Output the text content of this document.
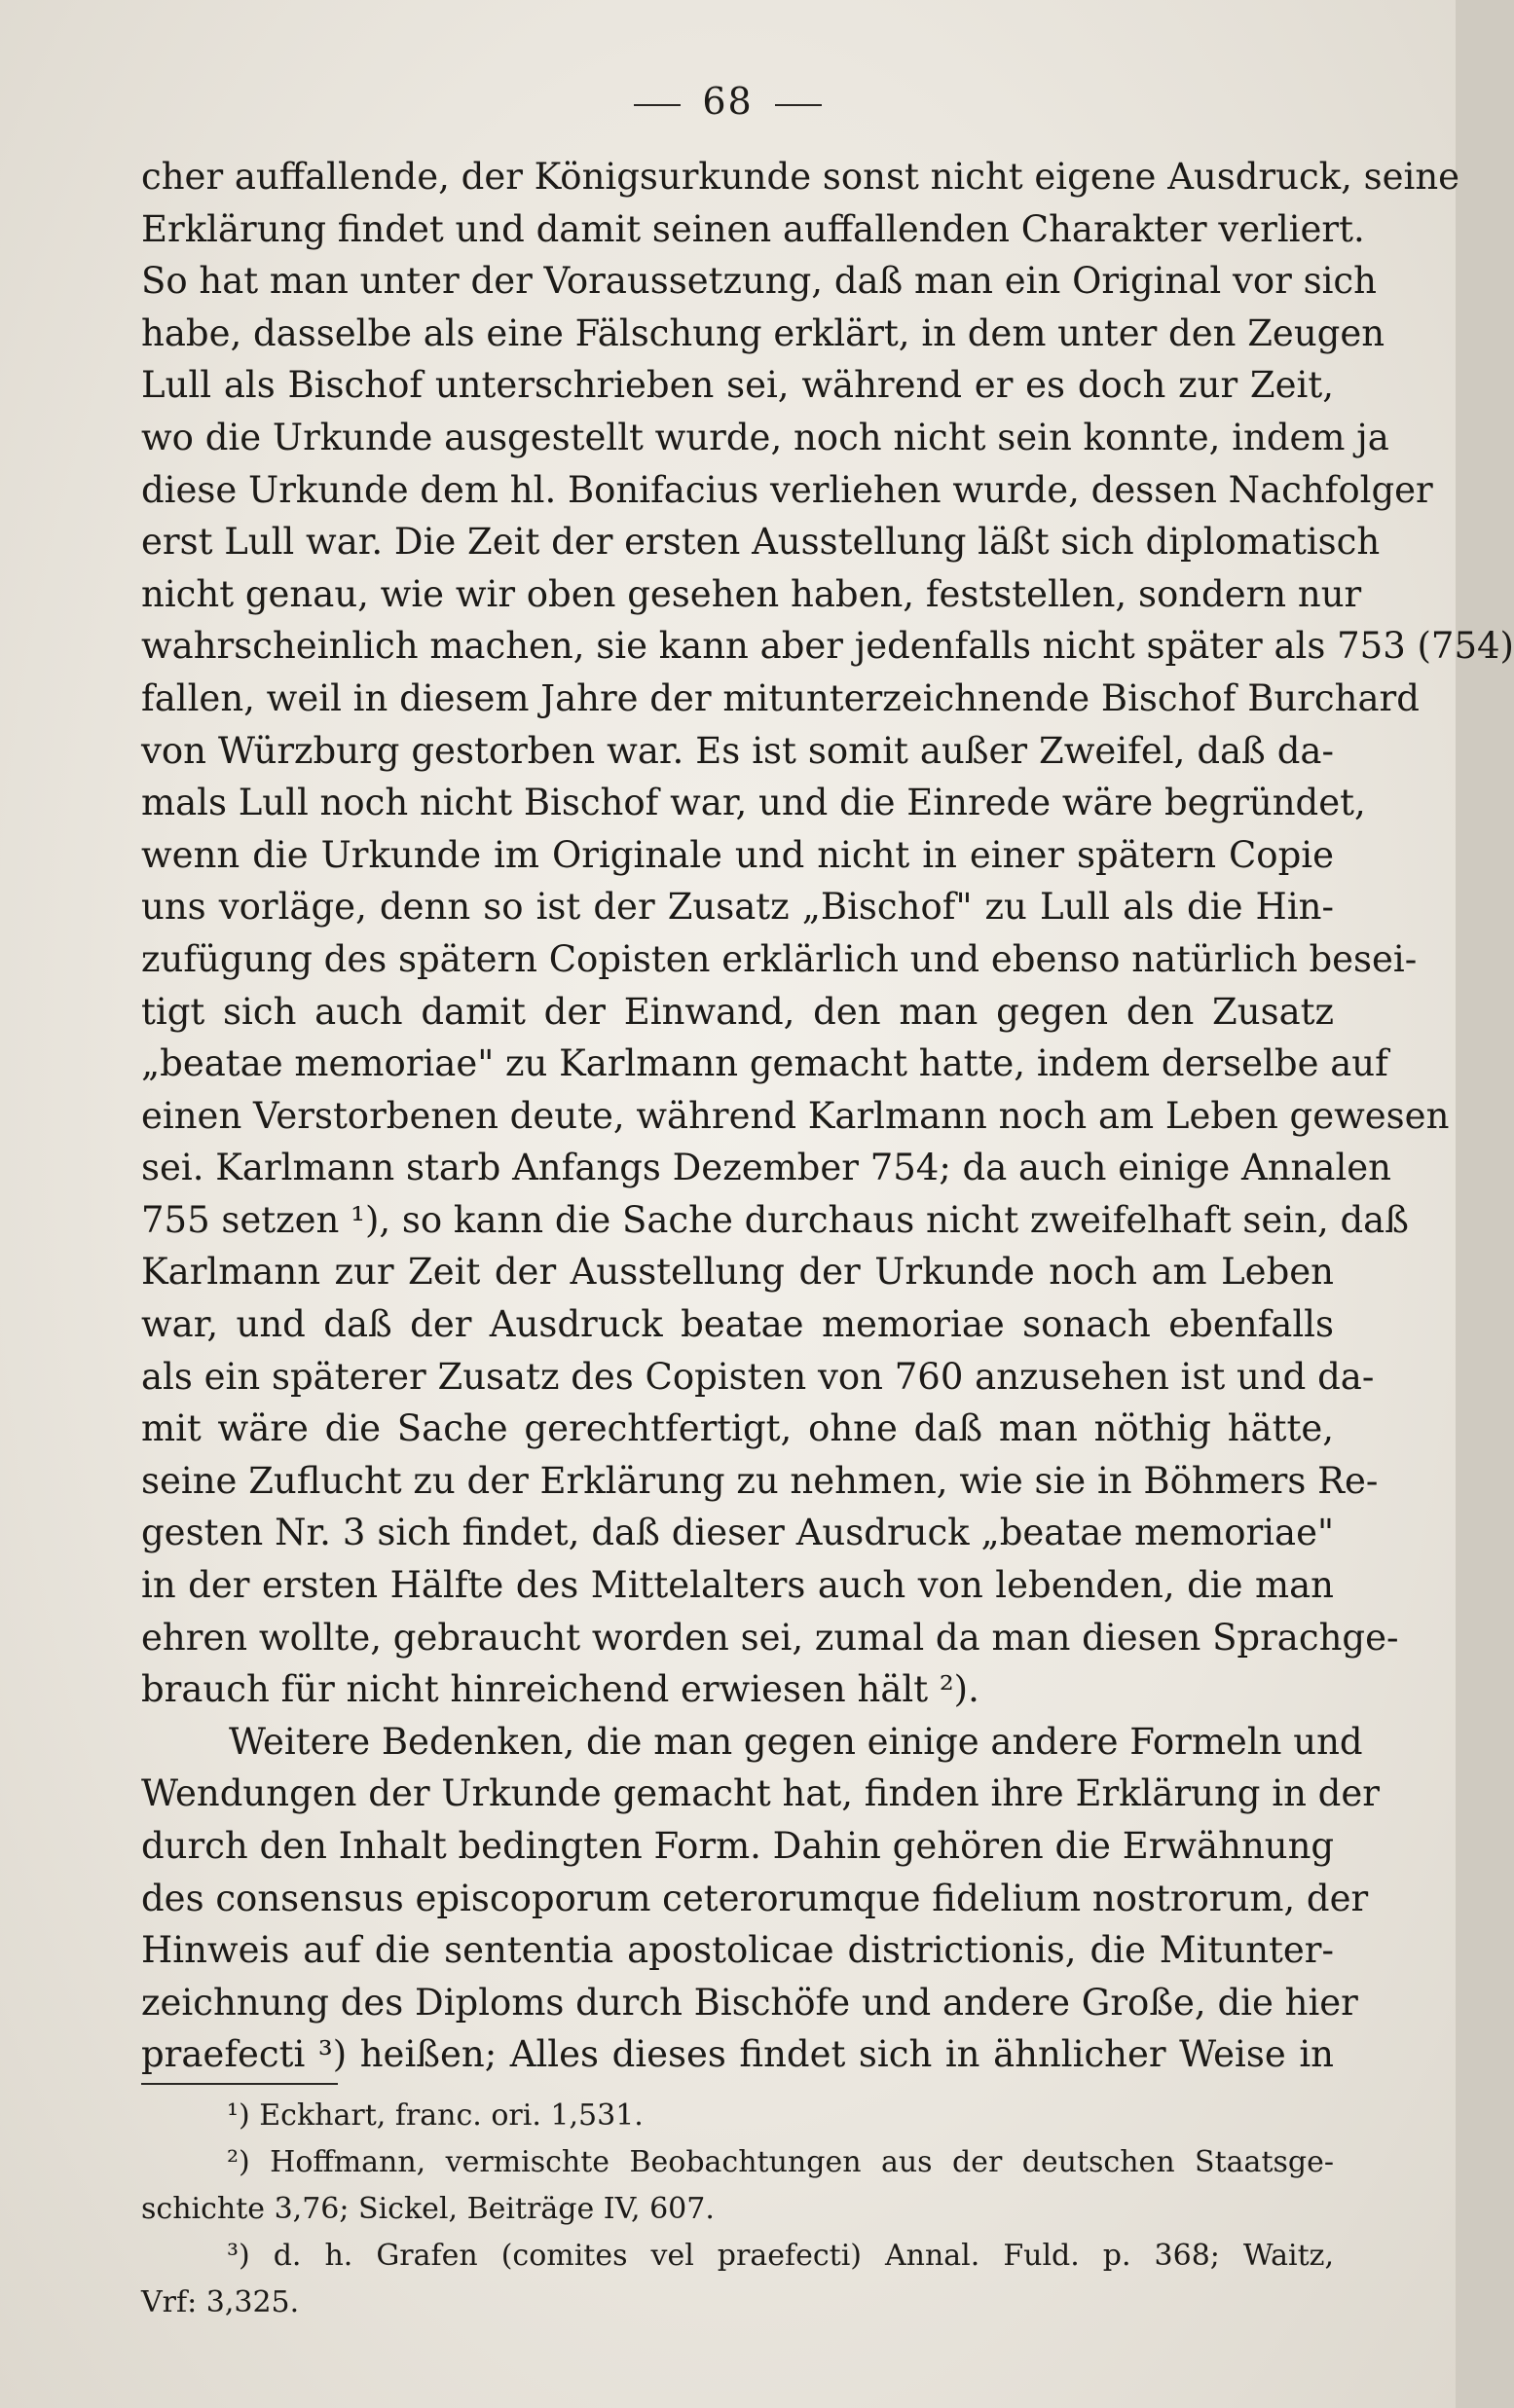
68
cher auffallende, der Königsurkunde sonst nicht eigene Ausdruck, seine
Erklärung findet und damit seinen auffallenden Charakter verliert.
So hat man unter der Voraussetzung, daß man ein Original vor sich
habe, dasselbe als eine Fälschung erklärt, in dem unter den Zeugen
Lull als Bischof unterschrieben sei, während er es doch zur Zeit,
wo die Urkunde ausgestellt wurde, noch nicht sein konnte, indem ja
diese Urkunde dem hl. Bonifacius verliehen wurde, dessen Nachfolger
erst Lull war. Die Zeit der ersten Ausstellung läßt sich diplomatisch
nicht genau, wie wir oben gesehen haben, feststellen, sondern nur
wahrscheinlich machen, sie kann aber jedenfalls nicht später als 753 (754)
fallen, weil in diesem Jahre der mitunterzeichnende Bischof Burchard
von Würzburg gestorben war. Es ist somit außer Zweifel, daß da-
mals Lull noch nicht Bischof war, und die Einrede wäre begründet,
wenn die Urkunde im Originale und nicht in einer spätern Copie
uns vorläge, denn so ist der Zusatz „Bischof" zu Lull als die Hin-
zufügung des spätern Copisten erklärlich und ebenso natürlich besei-
tigt sich auch damit der Einwand, den man gegen den Zusatz
„beatae memoriae" zu Karlmann gemacht hatte, indem derselbe auf
einen Verstorbenen deute, während Karlmann noch am Leben gewesen
sei. Karlmann starb Anfangs Dezember 754; da auch einige Annalen
755 setzen ¹), so kann die Sache durchaus nicht zweifelhaft sein, daß
Karlmann zur Zeit der Ausstellung der Urkunde noch am Leben
war, und daß der Ausdruck beatae memoriae sonach ebenfalls
als ein späterer Zusatz des Copisten von 760 anzusehen ist und da-
mit wäre die Sache gerechtfertigt, ohne daß man nöthig hätte,
seine Zuflucht zu der Erklärung zu nehmen, wie sie in Böhmers Re-
gesten Nr. 3 sich findet, daß dieser Ausdruck „beatae memoriae"
in der ersten Hälfte des Mittelalters auch von lebenden, die man
ehren wollte, gebraucht worden sei, zumal da man diesen Sprachge-
brauch für nicht hinreichend erwiesen hält ²).
Weitere Bedenken, die man gegen einige andere Formeln und
Wendungen der Urkunde gemacht hat, finden ihre Erklärung in der
durch den Inhalt bedingten Form. Dahin gehören die Erwähnung
des consensus episcoporum ceterorumque fidelium nostrorum, der
Hinweis auf die sententia apostolicae districtionis, die Mitunter-
zeichnung des Diploms durch Bischöfe und andere Große, die hier
praefecti ³) heißen; Alles dieses findet sich in ähnlicher Weise in
¹) Eckhart, franc. ori. 1,531.
²) Hoffmann, vermischte Beobachtungen aus der deutschen Staatsge-
schichte 3,76; Sickel, Beiträge IV, 607.
³) d. h. Grafen (comites vel praefecti) Annal. Fuld. p. 368; Waitz,
Vrf: 3,325.
